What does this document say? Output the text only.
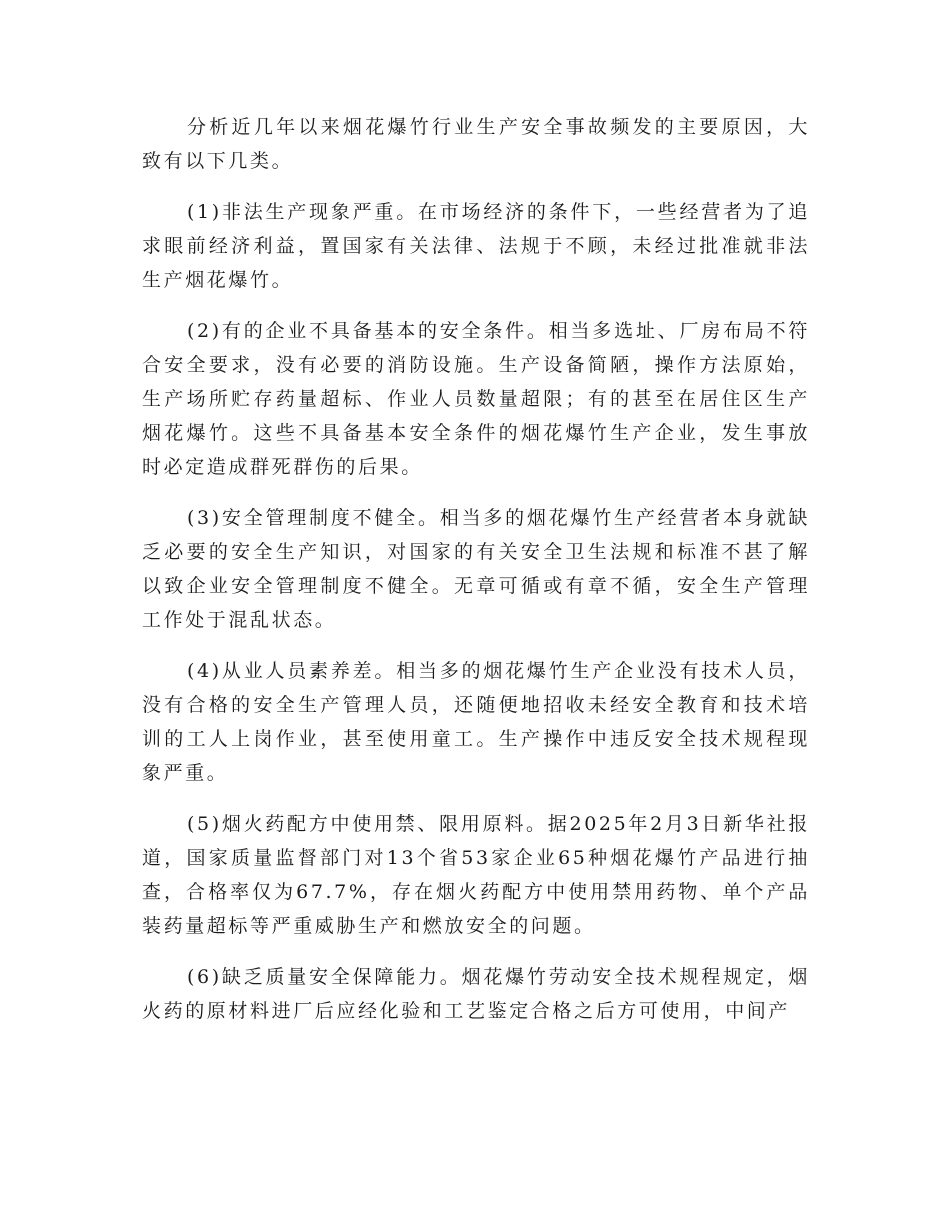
分析近几年以来烟花爆竹行业生产安全事故频发的主要原因，大致有以下几类。

(1)非法生产现象严重。在市场经济的条件下，一些经营者为了追求眼前经济利益，置国家有关法律、法规于不顾，未经过批准就非法生产烟花爆竹。

(2)有的企业不具备基本的安全条件。相当多选址、厂房布局不符合安全要求，没有必要的消防设施。生产设备简陋，操作方法原始，生产场所贮存药量超标、作业人员数量超限；有的甚至在居住区生产烟花爆竹。这些不具备基本安全条件的烟花爆竹生产企业，发生事放时必定造成群死群伤的后果。

(3)安全管理制度不健全。相当多的烟花爆竹生产经营者本身就缺乏必要的安全生产知识，对国家的有关安全卫生法规和标准不甚了解以致企业安全管理制度不健全。无章可循或有章不循，安全生产管理工作处于混乱状态。

(4)从业人员素养差。相当多的烟花爆竹生产企业没有技术人员，没有合格的安全生产管理人员，还随便地招收未经安全教育和技术培训的工人上岗作业，甚至使用童工。生产操作中违反安全技术规程现象严重。

(5)烟火药配方中使用禁、限用原料。据2025年2月3日新华社报道，国家质量监督部门对13个省53家企业65种烟花爆竹产品进行抽查，合格率仅为67.7%，存在烟火药配方中使用禁用药物、单个产品装药量超标等严重威胁生产和燃放安全的问题。

(6)缺乏质量安全保障能力。烟花爆竹劳动安全技术规程规定，烟火药的原材料进厂后应经化验和工艺鉴定合格之后方可使用，中间产
